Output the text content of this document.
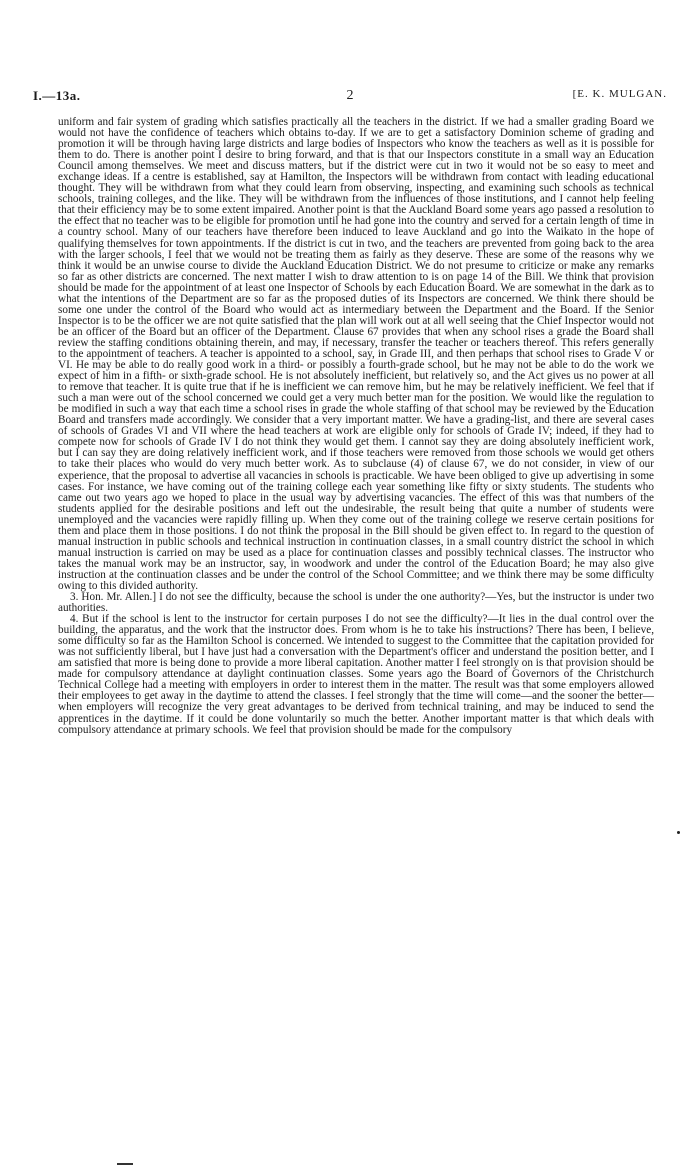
I.—13a.	2	[E. K. MULGAN.

uniform and fair system of grading which satisfies practically all the teachers in the district. If we had a smaller grading Board we would not have the confidence of teachers which obtains to-day. If we are to get a satisfactory Dominion scheme of grading and promotion it will be through having large districts and large bodies of Inspectors who know the teachers as well as it is possible for them to do. There is another point I desire to bring forward, and that is that our Inspectors constitute in a small way an Education Council among themselves. We meet and discuss matters, but if the district were cut in two it would not be so easy to meet and exchange ideas. If a centre is established, say at Hamilton, the Inspectors will be withdrawn from contact with leading educational thought. They will be withdrawn from what they could learn from observing, inspecting, and examining such schools as technical schools, training colleges, and the like. They will be withdrawn from the influences of those institutions, and I cannot help feeling that their efficiency may be to some extent impaired. Another point is that the Auckland Board some years ago passed a resolution to the effect that no teacher was to be eligible for promotion until he had gone into the country and served for a certain length of time in a country school. Many of our teachers have therefore been induced to leave Auckland and go into the Waikato in the hope of qualifying themselves for town appointments. If the district is cut in two, and the teachers are prevented from going back to the area with the larger schools, I feel that we would not be treating them as fairly as they deserve. These are some of the reasons why we think it would be an unwise course to divide the Auckland Education District. We do not presume to criticize or make any remarks so far as other districts are concerned. The next matter I wish to draw attention to is on page 14 of the Bill. We think that provision should be made for the appointment of at least one Inspector of Schools by each Education Board. We are somewhat in the dark as to what the intentions of the Department are so far as the proposed duties of its Inspectors are concerned. We think there should be some one under the control of the Board who would act as intermediary between the Department and the Board. If the Senior Inspector is to be the officer we are not quite satisfied that the plan will work out at all well seeing that the Chief Inspector would not be an officer of the Board but an officer of the Department. Clause 67 provides that when any school rises a grade the Board shall review the staffing conditions obtaining therein, and may, if necessary, transfer the teacher or teachers thereof. This refers generally to the appointment of teachers. A teacher is appointed to a school, say, in Grade III, and then perhaps that school rises to Grade V or VI. He may be able to do really good work in a third- or possibly a fourth-grade school, but he may not be able to do the work we expect of him in a fifth- or sixth-grade school. He is not absolutely inefficient, but relatively so, and the Act gives us no power at all to remove that teacher. It is quite true that if he is inefficient we can remove him, but he may be relatively inefficient. We feel that if such a man were out of the school concerned we could get a very much better man for the position. We would like the regulation to be modified in such a way that each time a school rises in grade the whole staffing of that school may be reviewed by the Education Board and transfers made accordingly. We consider that a very important matter. We have a grading-list, and there are several cases of schools of Grades VI and VII where the head teachers at work are eligible only for schools of Grade IV; indeed, if they had to compete now for schools of Grade IV I do not think they would get them. I cannot say they are doing absolutely inefficient work, but I can say they are doing relatively inefficient work, and if those teachers were removed from those schools we would get others to take their places who would do very much better work. As to subclause (4) of clause 67, we do not consider, in view of our experience, that the proposal to advertise all vacancies in schools is practicable. We have been obliged to give up advertising in some cases. For instance, we have coming out of the training college each year something like fifty or sixty students. The students who came out two years ago we hoped to place in the usual way by advertising vacancies. The effect of this was that numbers of the students applied for the desirable positions and left out the undesirable, the result being that quite a number of students were unemployed and the vacancies were rapidly filling up. When they come out of the training college we reserve certain positions for them and place them in those positions. I do not think the proposal in the Bill should be given effect to. In regard to the question of manual instruction in public schools and technical instruction in continuation classes, in a small country district the school in which manual instruction is carried on may be used as a place for continuation classes and possibly technical classes. The instructor who takes the manual work may be an instructor, say, in woodwork and under the control of the Education Board; he may also give instruction at the continuation classes and be under the control of the School Committee; and we think there may be some difficulty owing to this divided authority.

3. Hon. Mr. Allen.] I do not see the difficulty, because the school is under the one authority?—Yes, but the instructor is under two authorities.

4. But if the school is lent to the instructor for certain purposes I do not see the difficulty?—It lies in the dual control over the building, the apparatus, and the work that the instructor does. From whom is he to take his instructions? There has been, I believe, some difficulty so far as the Hamilton School is concerned. We intended to suggest to the Committee that the capitation provided for was not sufficiently liberal, but I have just had a conversation with the Department's officer and understand the position better, and I am satisfied that more is being done to provide a more liberal capitation. Another matter I feel strongly on is that provision should be made for compulsory attendance at daylight continuation classes. Some years ago the Board of Governors of the Christchurch Technical College had a meeting with employers in order to interest them in the matter. The result was that some employers allowed their employees to get away in the daytime to attend the classes. I feel strongly that the time will come—and the sooner the better—when employers will recognize the very great advantages to be derived from technical training, and may be induced to send the apprentices in the daytime. If it could be done voluntarily so much the better. Another important matter is that which deals with compulsory attendance at primary schools. We feel that provision should be made for the compulsory
